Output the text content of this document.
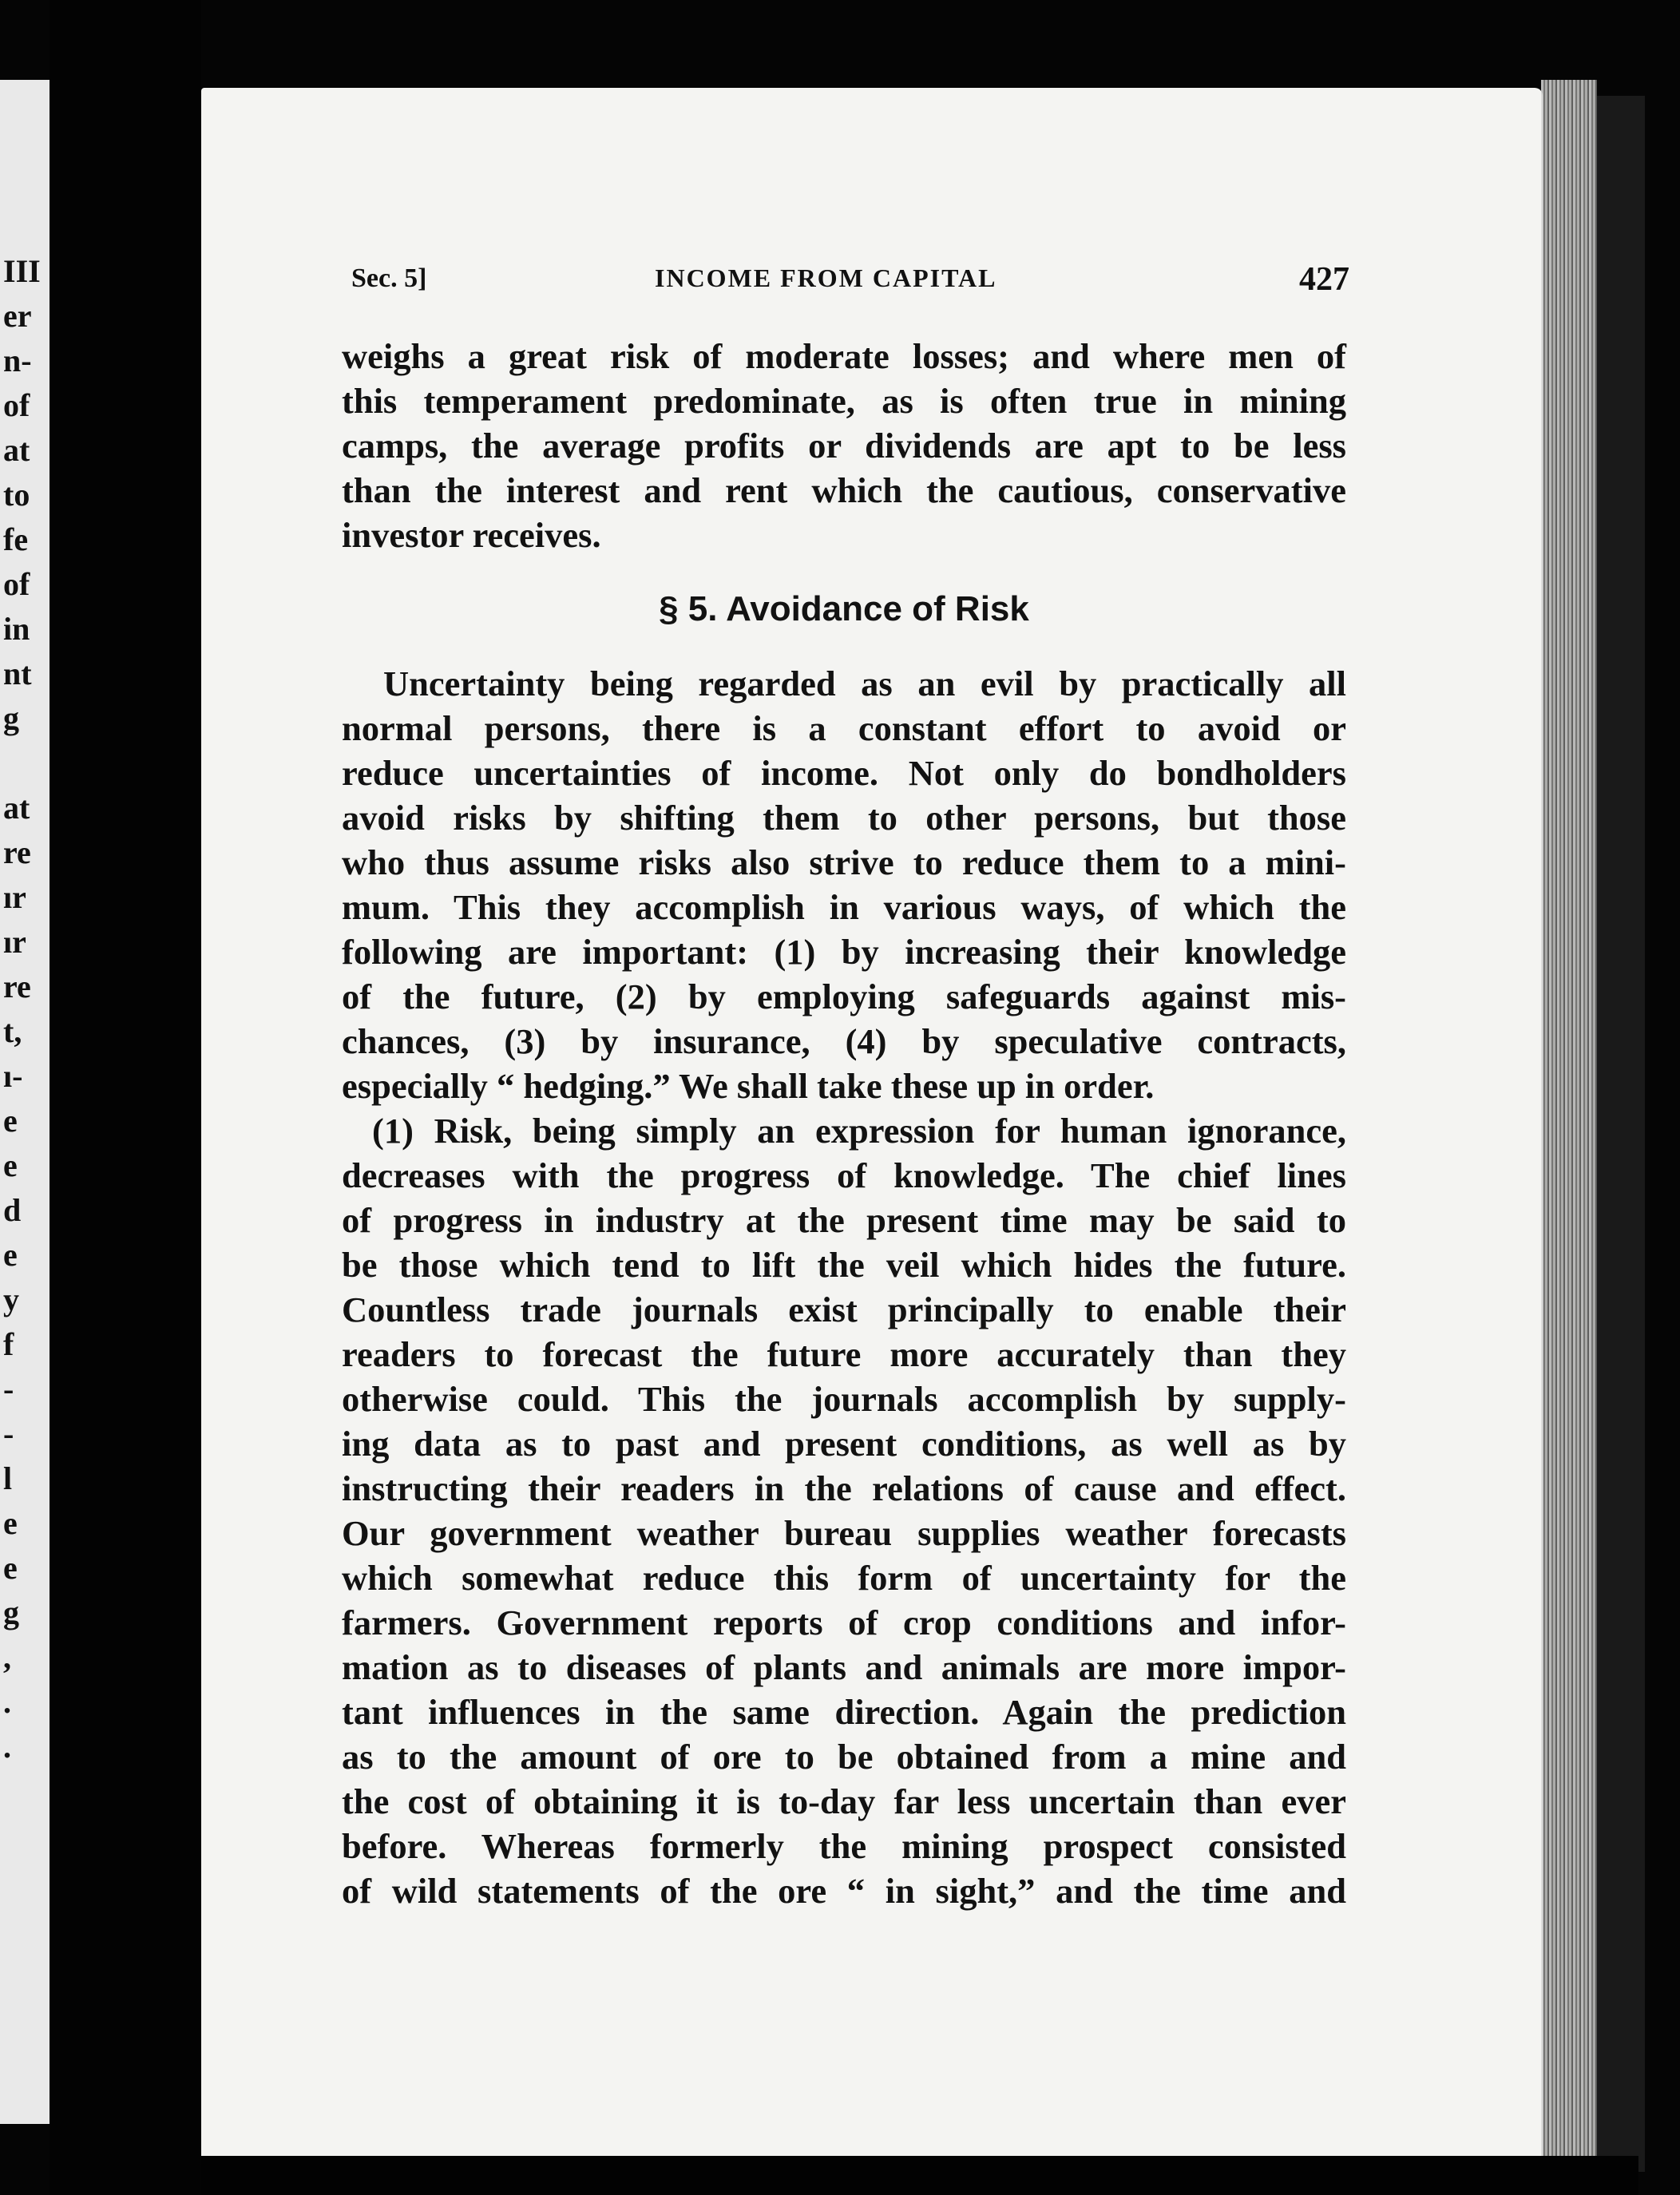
III
er
n-
of
at
to
fe
of
in
nt
g
at
re
ır
ır
re
t,
ı-
e
e
d
e
y
f
-
-
l
e
e
g
,
.
.
Sec. 5]	INCOME FROM CAPITAL	427
weighs a great risk of moderate losses; and where men of
this temperament predominate, as is often true in mining
camps, the average profits or dividends are apt to be less
than the interest and rent which the cautious, conservative
investor receives.
§ 5. Avoidance of Risk
Uncertainty being regarded as an evil by practically all
normal persons, there is a constant effort to avoid or
reduce uncertainties of income. Not only do bondholders
avoid risks by shifting them to other persons, but those
who thus assume risks also strive to reduce them to a mini-
mum. This they accomplish in various ways, of which the
following are important: (1) by increasing their knowledge
of the future, (2) by employing safeguards against mis-
chances, (3) by insurance, (4) by speculative contracts,
especially “ hedging.” We shall take these up in order.
(1) Risk, being simply an expression for human ignorance,
decreases with the progress of knowledge. The chief lines
of progress in industry at the present time may be said to
be those which tend to lift the veil which hides the future.
Countless trade journals exist principally to enable their
readers to forecast the future more accurately than they
otherwise could. This the journals accomplish by supply-
ing data as to past and present conditions, as well as by
instructing their readers in the relations of cause and effect.
Our government weather bureau supplies weather forecasts
which somewhat reduce this form of uncertainty for the
farmers. Government reports of crop conditions and infor-
mation as to diseases of plants and animals are more impor-
tant influences in the same direction. Again the prediction
as to the amount of ore to be obtained from a mine and
the cost of obtaining it is to-day far less uncertain than ever
before. Whereas formerly the mining prospect consisted
of wild statements of the ore “ in sight,” and the time and
